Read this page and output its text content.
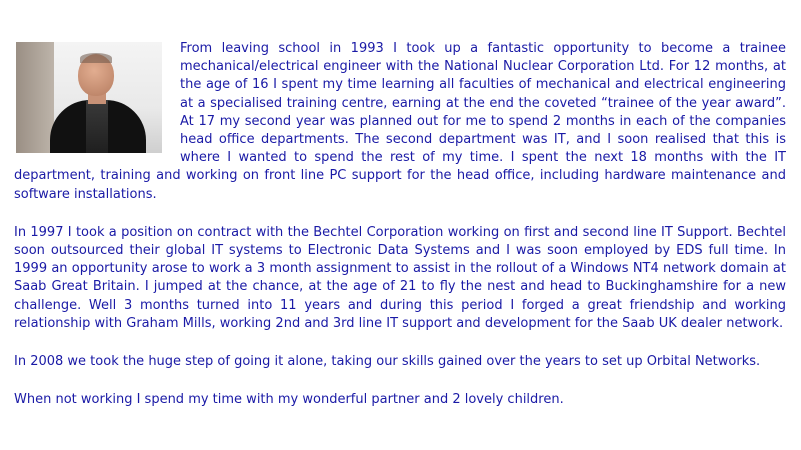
From leaving school in 1993 I took up a fantastic opportunity to become a trainee mechanical/electrical engineer with the National Nuclear Corporation Ltd. For 12 months, at the age of 16 I spent my time learning all faculties of mechanical and electrical engineering at a specialised training centre, earning at the end the coveted “trainee of the year award”. At 17 my second year was planned out for me to spend 2 months in each of the companies head office departments. The second department was IT, and I soon realised that this is where I wanted to spend the rest of my time. I spent the next 18 months with the IT department, training and working on front line PC support for the head office, including hardware maintenance and software installations.

In 1997 I took a position on contract with the Bechtel Corporation working on first and second line IT Support. Bechtel soon outsourced their global IT systems to Electronic Data Systems and I was soon employed by EDS full time. In 1999 an opportunity arose to work a 3 month assignment to assist in the rollout of a Windows NT4 network domain at Saab Great Britain. I jumped at the chance, at the age of 21 to fly the nest and head to Buckinghamshire for a new challenge. Well 3 months turned into 11 years and during this period I forged a great friendship and working relationship with Graham Mills, working 2nd and 3rd line IT support and development for the Saab UK dealer network.

In 2008 we took the huge step of going it alone, taking our skills gained over the years to set up Orbital Networks.

When not working I spend my time with my wonderful partner and 2 lovely children.
